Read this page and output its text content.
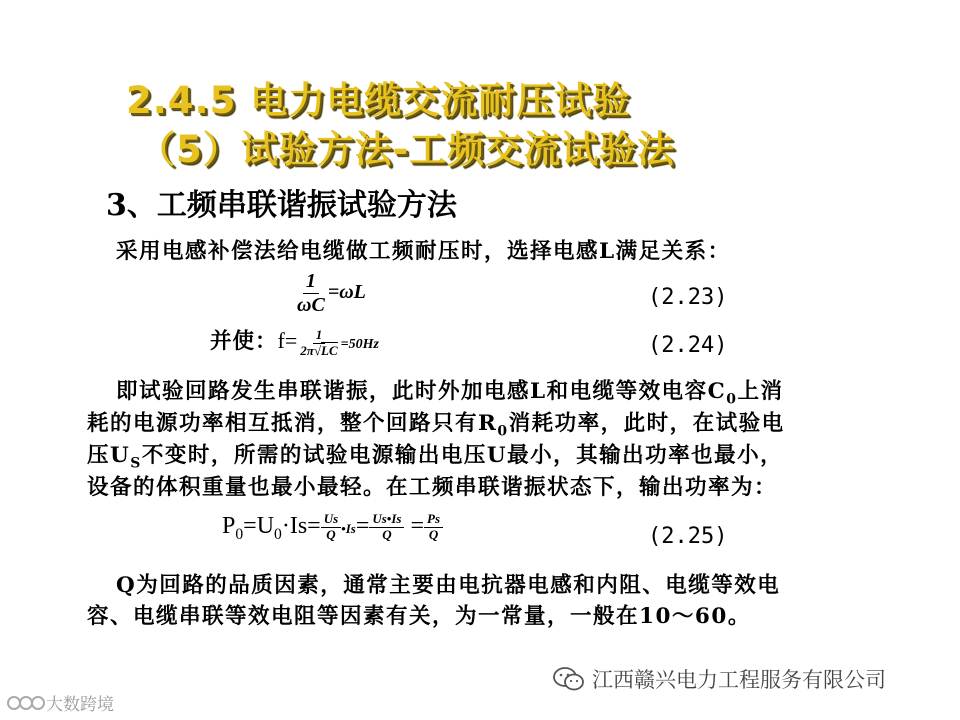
2.4.5 电力电缆交流耐压试验
（5）试验方法-工频交流试验法
3、工频串联谐振试验方法
采用电感补偿法给电缆做工频耐压时，选择电感L满足关系：
$\frac{1}{\omega C} =\omega L$	(2.23)
并使：$f= \frac{1}{2\pi√LC} =50Hz$	(2.24)
即试验回路发生串联谐振，此时外加电感L和电缆等效电容$C_0$上消
耗的电源功率相互抵消，整个回路只有$R_0$消耗功率，此时，在试验电
压$U_S$不变时，所需的试验电源输出电压U最小，其输出功率也最小，
设备的体积重量也最小最轻。在工频串联谐振状态下，输出功率为：
$P_0=U_0\cdot Is= \frac{Us}{Q}$ •Is= $\frac{Us•Is}{Q} = \frac{Ps}{Q}$	(2.25)
Q为回路的品质因素，通常主要由电抗器电感和内阻、电缆等效电
容、电缆串联等效电阻等因素有关，为一常量，一般在10～60。
江西赣兴电力工程服务有限公司
大数跨境
